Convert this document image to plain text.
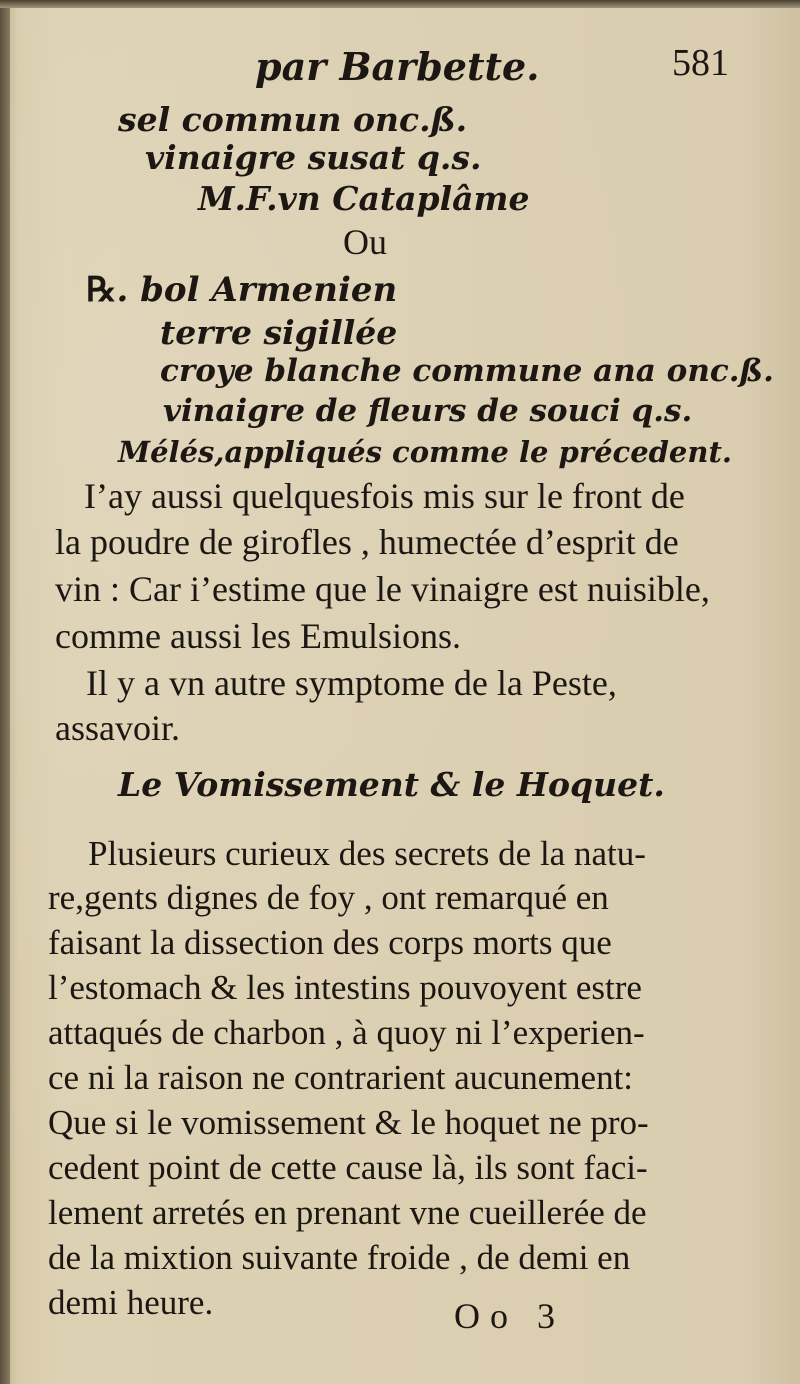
par Barbette.	581
sel commun onc.ß.
vinaigre susat q.s.
M.F.vn Cataplâme
Ou
℞. bol Armenien
terre sigillée
croye blanche commune ana onc.ß.
vinaigre de fleurs de souci q.s.
Mélés,appliqués comme le précedent.
I’ay aussi quelquesfois mis sur le front de
la poudre de girofles , humectée d’esprit de
vin : Car i’estime que le vinaigre est nuisible,
comme aussi les Emulsions.
Il y a vn autre symptome de la Peste,
assavoir.
Le Vomissement & le Hoquet.
Plusieurs curieux des secrets de la natu-
re,gents dignes de foy , ont remarqué en
faisant la dissection des corps morts que
l’estomach & les intestins pouvoyent estre
attaqués de charbon , à quoy ni l’experien-
ce ni la raison ne contrarient aucunement:
Que si le vomissement & le hoquet ne pro-
cedent point de cette cause là, ils sont faci-
lement arretés en prenant vne cueillerée de
de la mixtion suivante froide , de demi en
demi heure.	Oo 3
